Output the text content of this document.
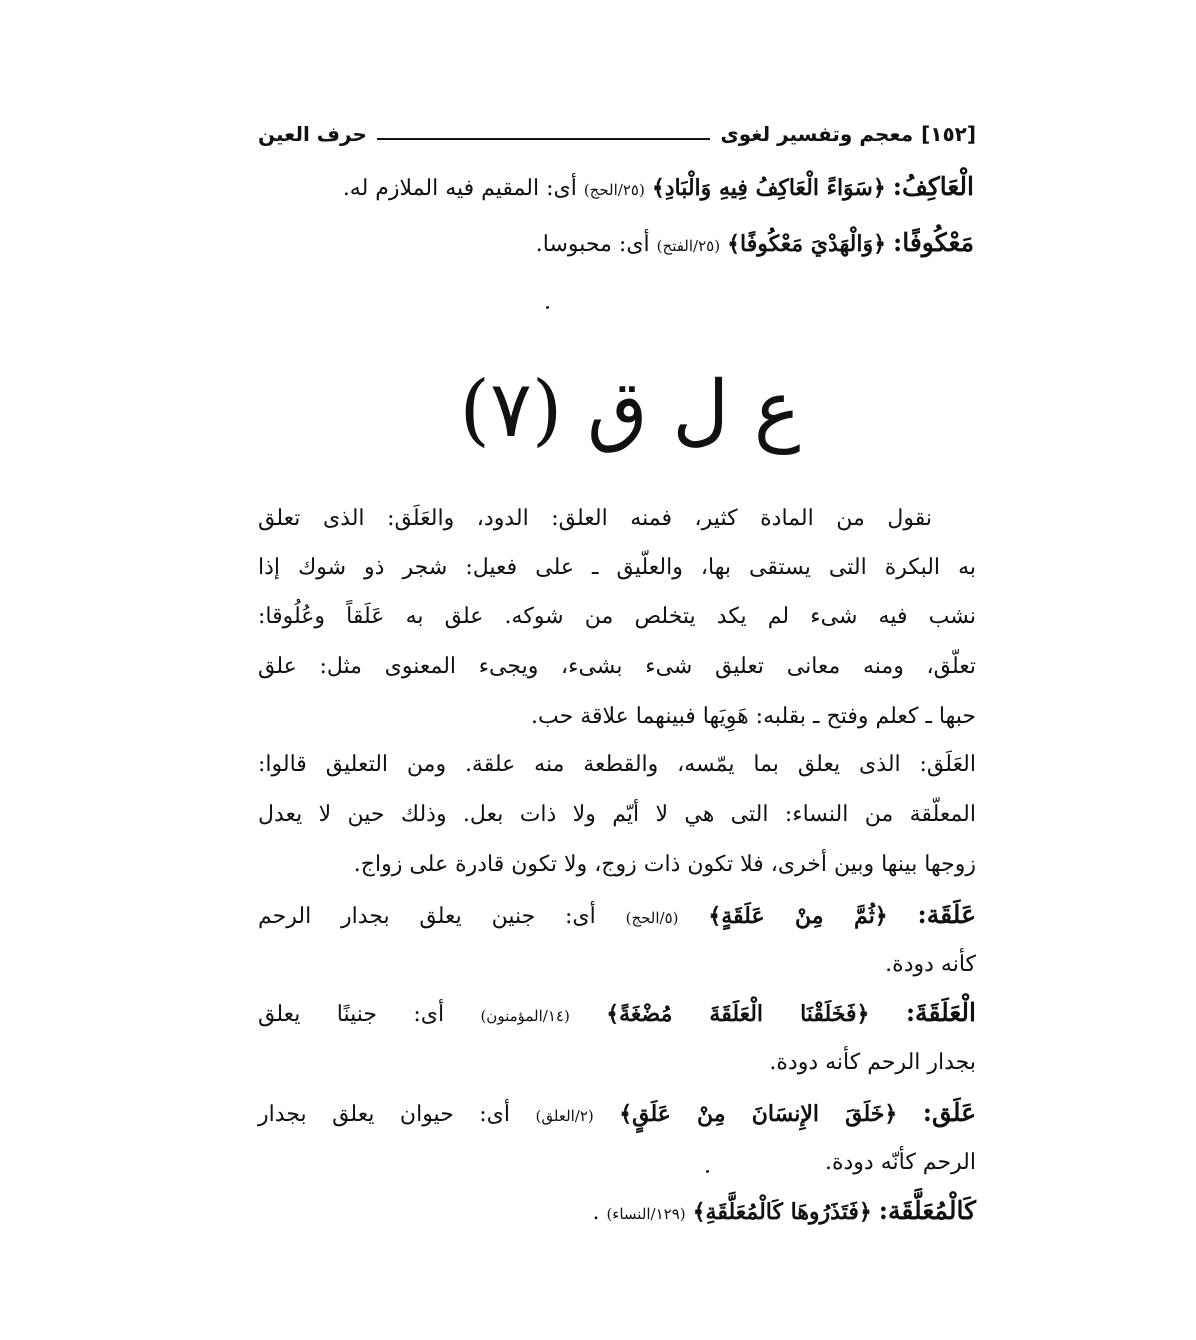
[١٥٢]
معجم وتفسير لغوى
حرف العين
الْعَاكِفُ: ﴿سَوَاءً الْعَاكِفُ فِيهِ وَالْبَادِ﴾ (٢٥/الحج) أى: المقيم فيه الملازم له.
مَعْكُوفًا: ﴿وَالْهَدْيَ مَعْكُوفًا﴾ (٢٥/الفتح) أى: محبوسا.
ع ل ق (٧)
نقول من المادة كثير، فمنه العلق: الدود، والعَلَق: الذى تعلق
به البكرة التى يستقى بها، والعلّيق ـ على فعيل: شجر ذو شوك إذا
نشب فيه شىء لم يكد يتخلص من شوكه. علق به عَلَقاً وعُلُوقا:
تعلّق، ومنه معانى تعليق شىء بشىء، ويجىء المعنوى مثل: علق
حبها ـ كعلم وفتح ـ بقلبه: هَوِيَها فبينهما علاقة حب.
العَلَق: الذى يعلق بما يمّسه، والقطعة منه علقة. ومن التعليق قالوا:
المعلّقة من النساء: التى هي لا أيّم ولا ذات بعل. وذلك حين لا يعدل
زوجها بينها وبين أخرى، فلا تكون ذات زوج، ولا تكون قادرة على زواج.
عَلَقَة: ﴿ثُمَّ مِنْ عَلَقَةٍ﴾ (٥/الحج) أى: جنين يعلق بجدار الرحم
كأنه دودة.
الْعَلَقَةَ: ﴿فَخَلَقْنَا الْعَلَقَةَ مُضْغَةً﴾ (١٤/المؤمنون) أى: جنينًا يعلق
بجدار الرحم كأنه دودة.
عَلَق: ﴿خَلَقَ الإِنسَانَ مِنْ عَلَقٍ﴾ (٢/العلق) أى: حيوان يعلق بجدار
الرحم كأنّه دودة.
كَالْمُعَلَّقَة: ﴿فَتَذَرُوهَا كَالْمُعَلَّقَةِ﴾ (١٢٩/النساء) .
